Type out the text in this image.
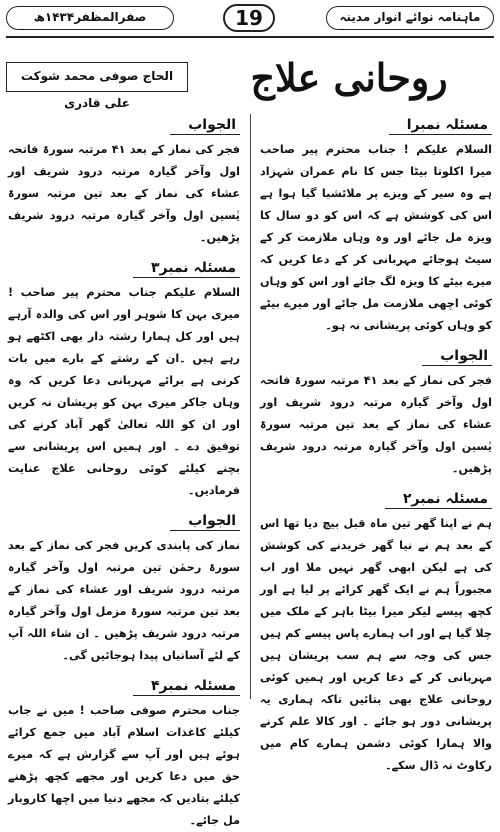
ماہنامہ نوائے انوار مدینہ
19
صفرالمظفر۱۴۳۴ھ
روحانی علاج
الحاج صوفی محمد شوکت علی قادری
مسئلہ نمبرا

السلام علیکم ! جناب محترم پیر صاحب میرا اکلوتا بیٹا جس کا نام عمران شہزاد ہے وہ سیر کے ویزے پر ملائشیا گیا ہوا ہے اس کی کوشش ہے کہ اس کو دو سال کا ویزہ مل جائے اور وہ وہاں ملازمت کر کے سیٹ ہوجائے مہربانی کر کے دعا کریں کہ میرے بیٹے کا ویزہ لگ جائے اور اس کو وہاں کوئی اچھی ملازمت مل جائے اور میرے بیٹے کو وہاں کوئی پریشانی نہ ہو۔

الجواب

فجر کی نماز کے بعد ۴۱ مرتبہ سورۃ فاتحہ اول وآخر گیارہ مرتبہ درود شریف اور عشاء کی نماز کے بعد تین مرتبہ سورۃ یٰسین اول وآخر گیارہ مرتبہ درود شریف پڑھیں۔

مسئلہ نمبر۲

ہم نے اپنا گھر تین ماہ قبل بیچ دیا تھا اس کے بعد ہم نے نیا گھر خریدنے کی کوشش کی ہے لیکن ابھی گھر نہیں ملا اور اب مجبوراً ہم نے ایک گھر کرائے پر لیا ہے اور کچھ پیسے لیکر میرا بیٹا باہر کے ملک میں چلا گیا ہے اور اب ہمارے پاس پیسے کم ہیں جس کی وجہ سے ہم سب پریشان ہیں مہربانی کر کے دعا کریں اور ہمیں کوئی روحانی علاج بھی بتائیں تاکہ ہماری یہ پریشانی دور ہو جائے ۔ اور کالا علم کرنے والا ہمارا کوئی دشمن ہمارے کام میں رکاوٹ نہ ڈال سکے۔

الجواب

فجر کی نماز کے بعد ۴۱ مرتبہ سورۃ فاتحہ اول وآخر گیارہ مرتبہ درود شریف اور عشاء کی نماز کے بعد تین مرتبہ سورۃ یٰسین اول وآخر گیارہ مرتبہ درود شریف پڑھیں۔

مسئلہ نمبر۳

السلام علیکم جناب محترم پیر صاحب ! میری بہن کا شوہر اور اس کی والدہ آرہے ہیں اور کل ہمارا رشتہ دار بھی اکٹھے ہو رہے ہیں ۔ان کے رشتے کے بارے میں بات کرنی ہے برائے مہربانی دعا کریں کہ وہ وہاں جاکر میری بہن کو پریشان نہ کریں اور ان کو اللہ تعالیٰ گھر آباد کرنے کی توفیق دے ۔ اور ہمیں اس پریشانی سے بچنے کیلئے کوئی روحانی علاج عنایت فرمادیں۔

الجواب

نماز کی پابندی کریں فجر کی نماز کے بعد سورۃ رحمٰن تین مرتبہ اول وآخر گیارہ مرتبہ درود شریف اور عشاء کی نماز کے بعد تین مرتبہ سورۃ مزمل اول وآخر گیارہ مرتبہ درود شریف پڑھیں ۔ ان شاء اللہ آپ کے لئے آسانیاں پیدا ہوجائیں گی۔

مسئلہ نمبر۴

جناب محترم صوفی صاحب ! میں نے جاب کیلئے کاغذات اسلام آباد میں جمع کرائے ہوئے ہیں اور آپ سے گزارش ہے کہ میرے حق میں دعا کریں اور مجھے کچھ پڑھنے کیلئے بتادیں کہ مجھے دنیا میں اچھا کاروبار مل جائے۔
